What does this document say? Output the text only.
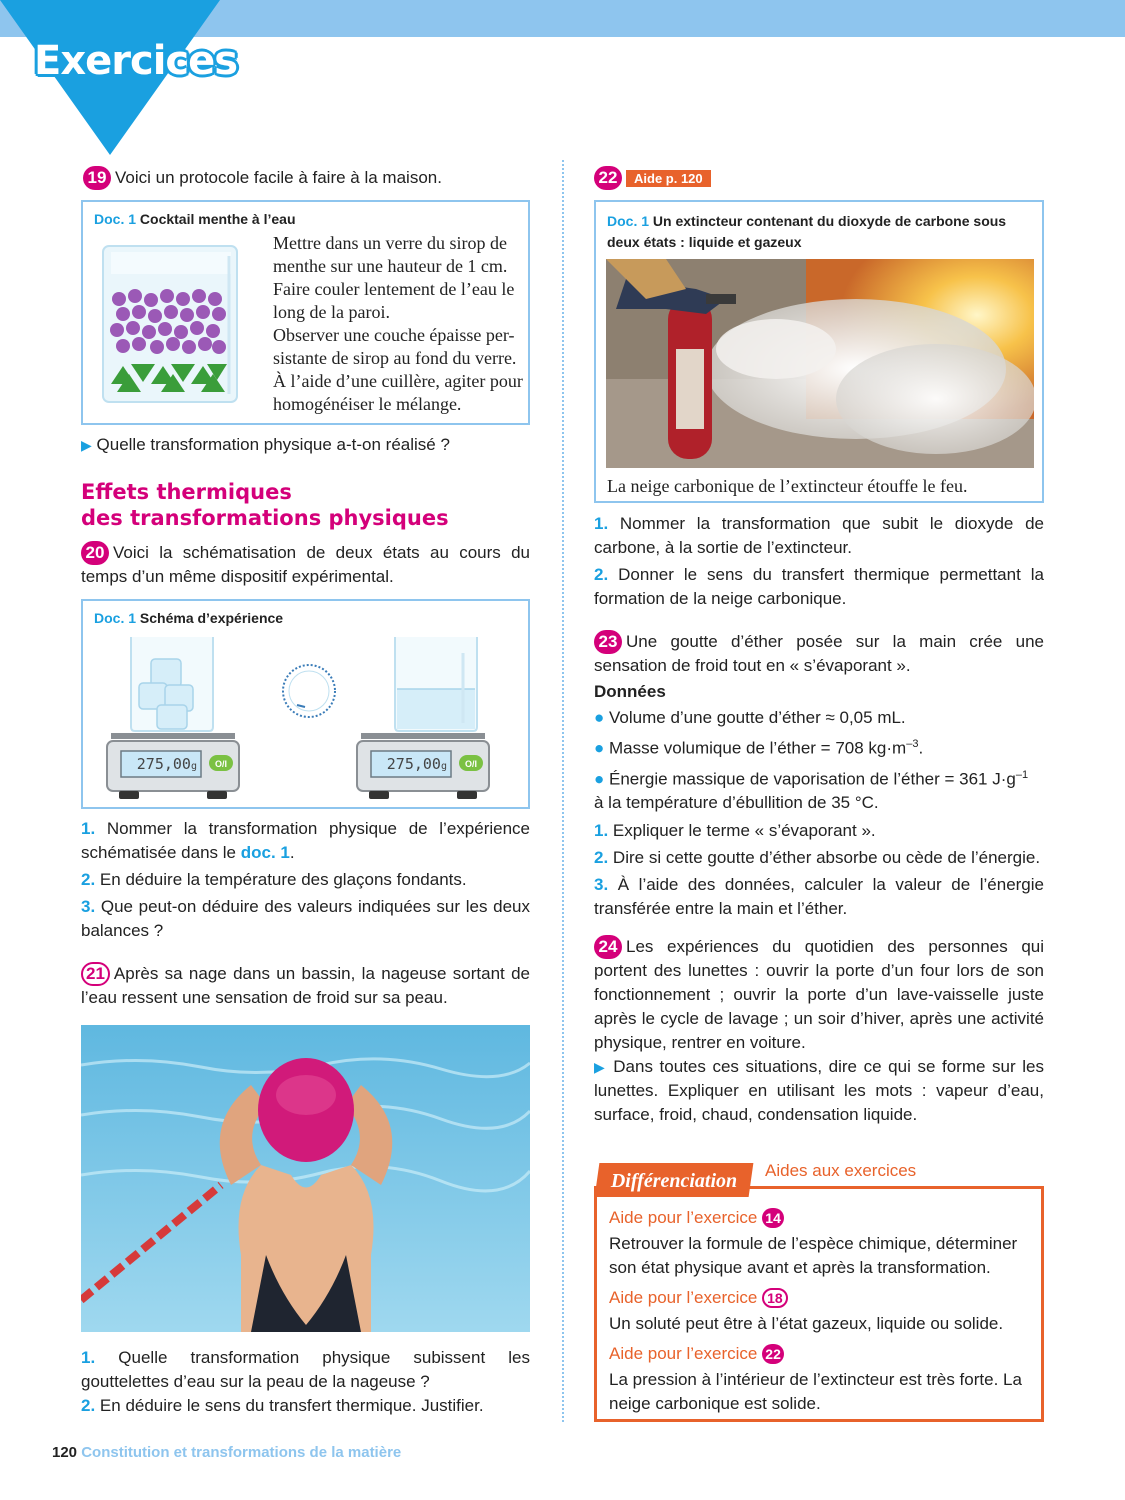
Exercices
19 Voici un protocole facile à faire à la maison.
Doc. 1 Cocktail menthe à l’eau
Mettre dans un verre du sirop de
menthe sur une hauteur de 1 cm.
Faire couler lentement de l’eau le
long de la paroi.
Observer une couche épaisse per-
sistante de sirop au fond du verre.
À l’aide d’une cuillère, agiter pour
homogénéiser le mélange.
▶ Quelle transformation physique a-t-on réalisé ?
Effets thermiques
des transformations physiques
20 Voici la schématisation de deux états au cours du temps d’un même dispositif expérimental.
Doc. 1 Schéma d’expérience
275,00g	O/I	275,00g	O/I
1. Nommer la transformation physique de l’expérience schématisée dans le doc. 1.
2. En déduire la température des glaçons fondants.
3. Que peut-on déduire des valeurs indiquées sur les deux balances ?
21 Après sa nage dans un bassin, la nageuse sortant de l’eau ressent une sensation de froid sur sa peau.
1. Quelle transformation physique subissent les gouttelettes d’eau sur la peau de la nageuse ?
2. En déduire le sens du transfert thermique. Justifier.
22 Aide p. 120
Doc. 1 Un extincteur contenant du dioxyde de carbone sous deux états : liquide et gazeux
La neige carbonique de l’extincteur étouffe le feu.
1. Nommer la transformation que subit le dioxyde de carbone, à la sortie de l’extincteur.
2. Donner le sens du transfert thermique permettant la formation de la neige carbonique.
23 Une goutte d’éther posée sur la main crée une sensation de froid tout en « s’évaporant ».
Données
● Volume d’une goutte d’éther ≈ 0,05 mL.
● Masse volumique de l’éther = 708 $kg\cdot m^{-3}$.
● Énergie massique de vaporisation de l’éther = 361 $J\cdot g^{-1}$
à la température d’ébullition de 35 °C.
1. Expliquer le terme « s’évaporant ».
2. Dire si cette goutte d’éther absorbe ou cède de l’énergie.
3. À l’aide des données, calculer la valeur de l’énergie transférée entre la main et l’éther.
24 Les expériences du quotidien des personnes qui portent des lunettes : ouvrir la porte d’un four lors de son fonctionnement ; ouvrir la porte d’un lave-vaisselle juste après le cycle de lavage ; un soir d’hiver, après une activité physique, rentrer en voiture.
▶ Dans toutes ces situations, dire ce qui se forme sur les lunettes. Expliquer en utilisant les mots : vapeur d’eau, surface, froid, chaud, condensation liquide.
Différenciation	Aides aux exercices
Aide pour l’exercice 14
Retrouver la formule de l’espèce chimique, déterminer son état physique avant et après la transformation.
Aide pour l’exercice 18
Un soluté peut être à l’état gazeux, liquide ou solide.
Aide pour l’exercice 22
La pression à l’intérieur de l’extincteur est très forte. La neige carbonique est solide.
120 Constitution et transformations de la matière
